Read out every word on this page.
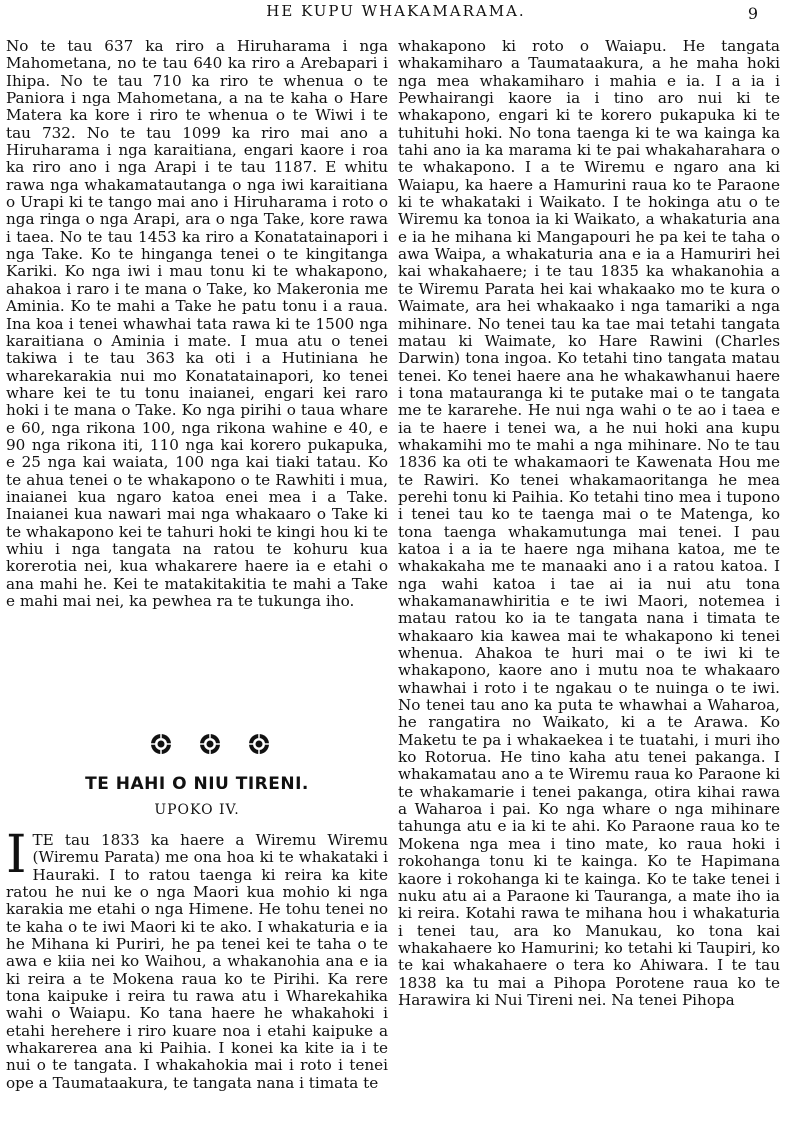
HE KUPU WHAKAMARAMA.	9

No te tau 637 ka riro a Hiruharama i nga Mahometana, no te tau 640 ka riro a Arebapari i Ihipa. No te tau 710 ka riro te whenua o te Paniora i nga Mahometana, a na te kaha o Hare Matera ka kore i riro te whenua o te Wiwi i te tau 732. No te tau 1099 ka riro mai ano a Hiruharama i nga karaitiana, engari kaore i roa ka riro ano i nga Arapi i te tau 1187. E whitu rawa nga whakamatautanga o nga iwi karaitiana o Urapi ki te tango mai ano i Hiruharama i roto o nga ringa o nga Arapi, ara o nga Take, kore rawa i taea. No te tau 1453 ka riro a Konatatainapori i nga Take. Ko te hinganga tenei o te kingitanga Kariki. Ko nga iwi i mau tonu ki te whakapono, ahakoa i raro i te mana o Take, ko Makeronia me Aminia. Ko te mahi a Take he patu tonu i a raua. Ina koa i tenei whawhai tata rawa ki te 1500 nga karaitiana o Aminia i mate. I mua atu o tenei takiwa i te tau 363 ka oti i a Hutiniana he wharekarakia nui mo Konatatainapori, ko tenei whare kei te tu tonu inaianei, engari kei raro hoki i te mana o Take. Ko nga pirihi o taua whare e 60, nga rikona 100, nga rikona wahine e 40, e 90 nga rikona iti, 110 nga kai korero pukapuka, e 25 nga kai waiata, 100 nga kai tiaki tatau. Ko te ahua tenei o te whakapono o te Rawhiti i mua, inaianei kua ngaro katoa enei mea i a Take. Inaianei kua nawari mai nga whakaaro o Take ki te whakapono kei te tahuri hoki te kingi hou ki te whiu i nga tangata na ratou te kohuru kua korerotia nei, kua whakarere haere ia e etahi o ana mahi he. Kei te matakitakitia te mahi a Take e mahi mai nei, ka pewhea ra te tukunga iho.

TE HAHI O NIU TIRENI.
UPOKO IV.
I TE tau 1833 ka haere a Wiremu Wiremu (Wiremu Parata) me ona hoa ki te whakataki i Hauraki. I to ratou taenga ki reira ka kite ratou he nui ke o nga Maori kua mohio ki nga karakia me etahi o nga Himene. He tohu tenei no te kaha o te iwi Maori ki te ako. I whakaturia e ia he Mihana ki Puriri, he pa tenei kei te taha o te awa e kiia nei ko Waihou, a whakanohia ana e ia ki reira a te Mokena raua ko te Pirihi. Ka rere tona kaipuke i reira tu rawa atu i Wharekahika wahi o Waiapu. Ko tana haere he whakahoki i etahi herehere i riro kuare noa i etahi kaipuke a whakarerea ana ki Paihia. I konei ka kite ia i te nui o te tangata. I whakahokia mai i roto i tenei ope a Taumataakura, te tangata nana i timata te

whakapono ki roto o Waiapu. He tangata whakamiharo a Taumataakura, a he maha hoki nga mea whakamiharo i mahia e ia. I a ia i Pewhairangi kaore ia i tino aro nui ki te whakapono, engari ki te korero pukapuka ki te tuhituhi hoki. No tona taenga ki te wa kainga ka tahi ano ia ka marama ki te pai whakaharahara o te whakapono. I a te Wiremu e ngaro ana ki Waiapu, ka haere a Hamurini raua ko te Paraone ki te whakataki i Waikato. I te hokinga atu o te Wiremu ka tonoa ia ki Waikato, a whakaturia ana e ia he mihana ki Mangapouri he pa kei te taha o awa Waipa, a whakaturia ana e ia a Hamuriri hei kai whakahaere; i te tau 1835 ka whakanohia a te Wiremu Parata hei kai whakaako mo te kura o Waimate, ara hei whakaako i nga tamariki a nga mihinare. No tenei tau ka tae mai tetahi tangata matau ki Waimate, ko Hare Rawini (Charles Darwin) tona ingoa. Ko tetahi tino tangata matau tenei. Ko tenei haere ana he whakawhanui haere i tona matauranga ki te putake mai o te tangata me te kararehe. He nui nga wahi o te ao i taea e ia te haere i tenei wa, a he nui hoki ana kupu whakamihi mo te mahi a nga mihinare. No te tau 1836 ka oti te whakamaori te Kawenata Hou me te Rawiri. Ko tenei whakamaoritanga he mea perehi tonu ki Paihia. Ko tetahi tino mea i tupono i tenei tau ko te taenga mai o te Matenga, ko tona taenga whakamutunga mai tenei. I pau katoa i a ia te haere nga mihana katoa, me te whakakaha me te manaaki ano i a ratou katoa. I nga wahi katoa i tae ai ia nui atu tona whakamanawhiritia e te iwi Maori, notemea i matau ratou ko ia te tangata nana i timata te whakaaro kia kawea mai te whakapono ki tenei whenua. Ahakoa te huri mai o te iwi ki te whakapono, kaore ano i mutu noa te whakaaro whawhai i roto i te ngakau o te nuinga o te iwi. No tenei tau ano ka puta te whawhai a Waharoa, he rangatira no Waikato, ki a te Arawa. Ko Maketu te pa i whakaekea i te tuatahi, i muri iho ko Rotorua. He tino kaha atu tenei pakanga. I whakamatau ano a te Wiremu raua ko Paraone ki te whakamarie i tenei pakanga, otira kihai rawa a Waharoa i pai. Ko nga whare o nga mihinare tahunga atu e ia ki te ahi. Ko Paraone raua ko te Mokena nga mea i tino mate, ko raua hoki i rokohanga tonu ki te kainga. Ko te Hapimana kaore i rokohanga ki te kainga. Ko te take tenei i nuku atu ai a Paraone ki Tauranga, a mate iho ia ki reira. Kotahi rawa te mihana hou i whakaturia i tenei tau, ara ko Manukau, ko tona kai whakahaere ko Hamurini; ko tetahi ki Taupiri, ko te kai whakahaere o tera ko Ahiwara. I te tau 1838 ka tu mai a Pihopa Porotene raua ko te Harawira ki Nui Tireni nei. Na tenei Pihopa
